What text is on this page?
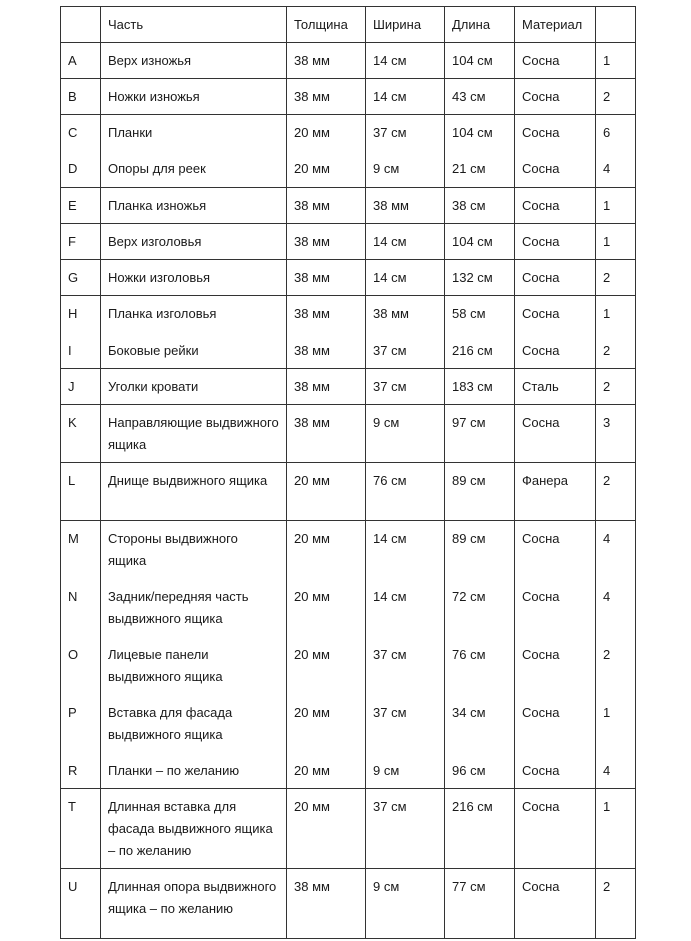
	Часть	Толщина	Ширина	Длина	Материал	
A	Верх изножья	38 мм	14 см	104 см	Сосна	1
B	Ножки изножья	38 мм	14 см	43 см	Сосна	2
C	Планки	20 мм	37 см	104 см	Сосна	6
D	Опоры для реек	20 мм	9 см	21 см	Сосна	4
E	Планка изножья	38 мм	38 мм	38 см	Сосна	1
F	Верх изголовья	38 мм	14 см	104 см	Сосна	1
G	Ножки изголовья	38 мм	14 см	132 см	Сосна	2
H	Планка изголовья	38 мм	38 мм	58 см	Сосна	1
I	Боковые рейки	38 мм	37 см	216 см	Сосна	2
J	Уголки кровати	38 мм	37 см	183 см	Сталь	2
K	Направляющие выдвижного ящика	38 мм	9 см	97 см	Сосна	3
L	Днище выдвижного ящика	20 мм	76 см	89 см	Фанера	2
M	Стороны выдвижного ящика	20 мм	14 см	89 см	Сосна	4
N	Задник/передняя часть выдвижного ящика	20 мм	14 см	72 см	Сосна	4
O	Лицевые панели выдвижного ящика	20 мм	37 см	76 см	Сосна	2
P	Вставка для фасада выдвижного ящика	20 мм	37 см	34 см	Сосна	1
R	Планки – по желанию	20 мм	9 см	96 см	Сосна	4
T	Длинная вставка для фасада выдвижного ящика – по желанию	20 мм	37 см	216 см	Сосна	1
U	Длинная опора выдвижного ящика – по желанию	38 мм	9 см	77 см	Сосна	2
